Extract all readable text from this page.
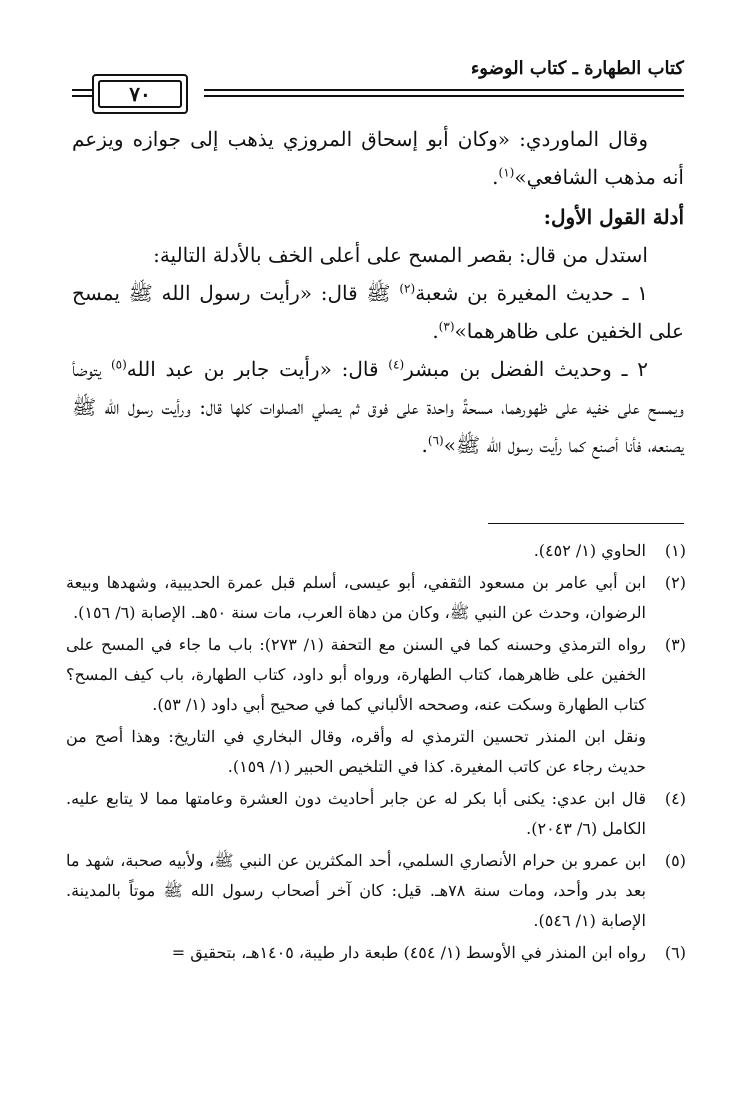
كتاب الطهارة ـ كتاب الوضوء
٧٠

وقال الماوردي: «وكان أبو إسحاق المروزي يذهب إلى جوازه ويزعم أنه مذهب الشافعي»$^{(١)}$.

أدلة القول الأول:

استدل من قال: بقصر المسح على أعلى الخف بالأدلة التالية:

١ ـ حديث المغيرة بن شعبة$^{(٢)}$ ﷺ قال: «رأيت رسول الله ﷺ يمسح على الخفين على ظاهرهما»$^{(٣)}$.

٢ ـ وحديث الفضل بن مبشر$^{(٤)}$ قال: «رأيت جابر بن عبد الله$^{(٥)}$ يتوضأ ويمسح على خفيه على ظهورهما، مسحةً واحدة على فوق ثم يصلي الصلوات كلها قال: ورأيت رسول الله ﷺ يصنعه، فأنا أصنع كما رأيت رسول الله ﷺ»$^{(٦)}$.

(١)
الحاوي (١/ ٤٥٢).
(٢)
ابن أبي عامر بن مسعود الثقفي، أبو عيسى، أسلم قبل عمرة الحديبية، وشهدها وبيعة الرضوان، وحدث عن النبي ﷺ، وكان من دهاة العرب، مات سنة ٥٠هـ. الإصابة (٦/ ١٥٦).
(٣)
رواه الترمذي وحسنه كما في السنن مع التحفة (١/ ٢٧٣): باب ما جاء في المسح على الخفين على ظاهرهما، كتاب الطهارة، ورواه أبو داود، كتاب الطهارة، باب كيف المسح؟ كتاب الطهارة وسكت عنه، وصححه الألباني كما في صحيح أبي داود (١/ ٥٣).
ونقل ابن المنذر تحسين الترمذي له وأقره، وقال البخاري في التاريخ: وهذا أصح من حديث رجاء عن كاتب المغيرة. كذا في التلخيص الحبير (١/ ١٥٩).
(٤)
قال ابن عدي: يكنى أبا بكر له عن جابر أحاديث دون العشرة وعامتها مما لا يتابع عليه. الكامل (٦/ ٢٠٤٣).
(٥)
ابن عمرو بن حرام الأنصاري السلمي، أحد المكثرين عن النبي ﷺ، ولأبيه صحبة، شهد ما بعد بدر وأحد، ومات سنة ٧٨هـ. قيل: كان آخر أصحاب رسول الله ﷺ موتاً بالمدينة. الإصابة (١/ ٥٤٦).
(٦)
رواه ابن المنذر في الأوسط (١/ ٤٥٤) طبعة دار طيبة، ١٤٠٥هـ، بتحقيق =
